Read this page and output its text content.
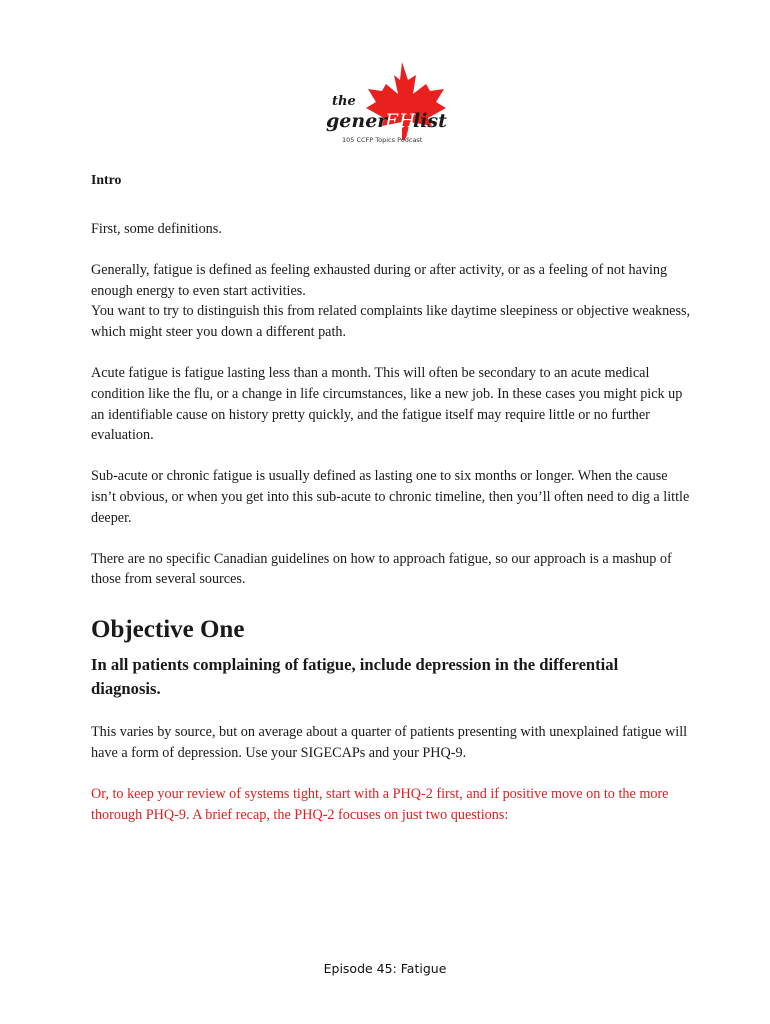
the
gener
EH
list
105 CCFP Topics Podcast

Intro

First, some definitions.

Generally, fatigue is defined as feeling exhausted during or after activity, or as a feeling of not having enough energy to even start activities.

You want to try to distinguish this from related complaints like daytime sleepiness or objective weakness, which might steer you down a different path.

Acute fatigue is fatigue lasting less than a month. This will often be secondary to an acute medical condition like the flu, or a change in life circumstances, like a new job. In these cases you might pick up an identifiable cause on history pretty quickly, and the fatigue itself may require little or no further evaluation.

Sub-acute or chronic fatigue is usually defined as lasting one to six months or longer. When the cause isn’t obvious, or when you get into this sub-acute to chronic timeline, then you’ll often need to dig a little deeper.

There are no specific Canadian guidelines on how to approach fatigue, so our approach is a mashup of those from several sources.

Objective One
In all patients complaining of fatigue, include depression in the differential diagnosis.

This varies by source, but on average about a quarter of patients presenting with unexplained fatigue will have a form of depression. Use your SIGECAPs and your PHQ-9.

Or, to keep your review of systems tight, start with a PHQ-2 first, and if positive move on to the more thorough PHQ-9. A brief recap, the PHQ-2 focuses on just two questions:

Episode 45: Fatigue
